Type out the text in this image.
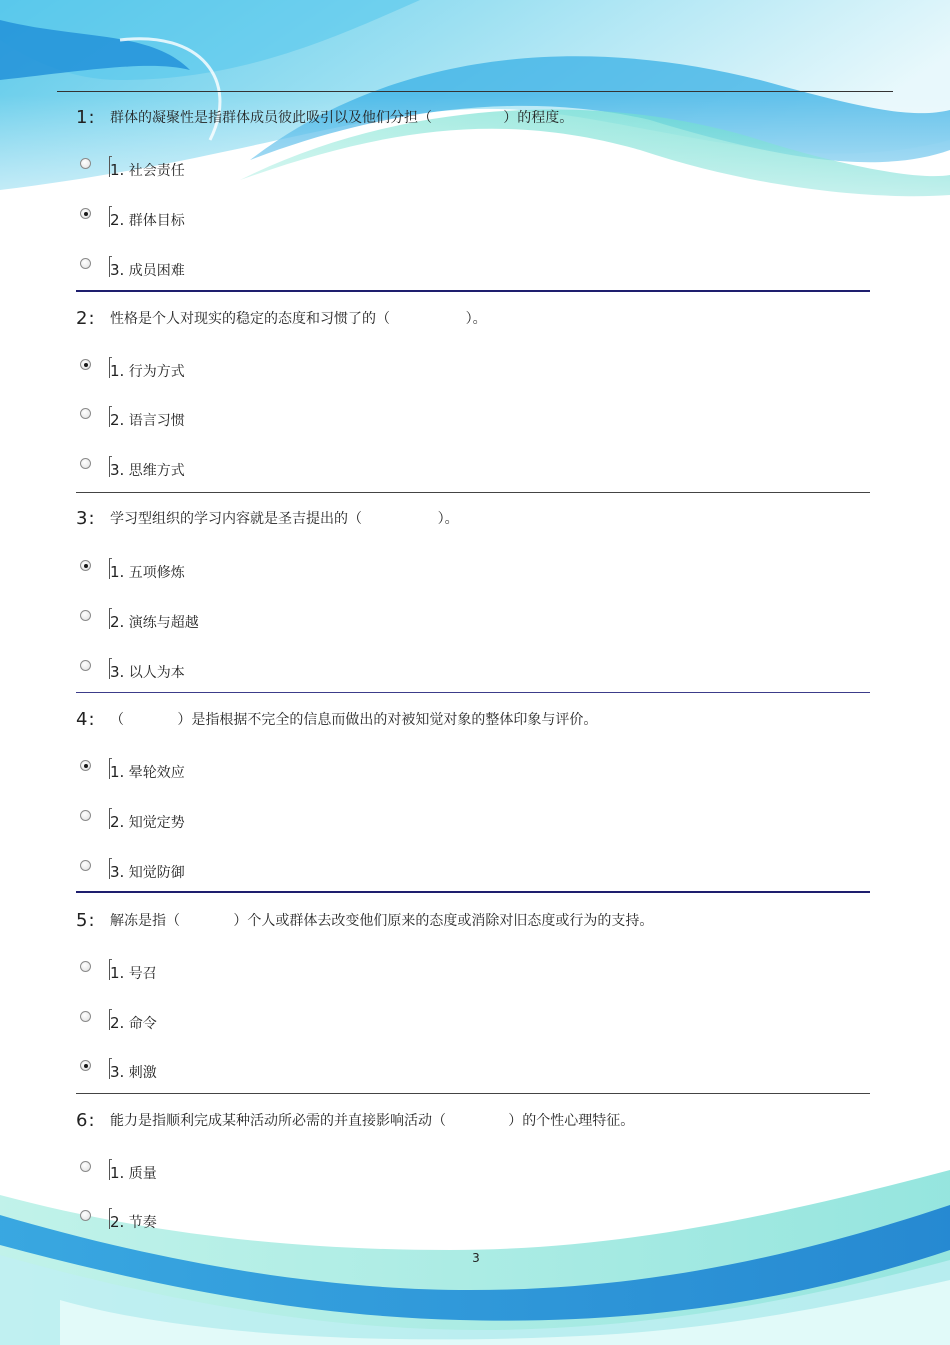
1:	群体的凝聚性是指群体成员彼此吸引以及他们分担（                ）的程度。
1. 社会责任
2. 群体目标
3. 成员困难
2:	性格是个人对现实的稳定的态度和习惯了的（                 ）。
1. 行为方式
2. 语言习惯
3. 思维方式
3:	学习型组织的学习内容就是圣吉提出的（                 ）。
1. 五项修炼
2. 演练与超越
3. 以人为本
4:	（            ）是指根据不完全的信息而做出的对被知觉对象的整体印象与评价。
1. 晕轮效应
2. 知觉定势
3. 知觉防御
5:	解冻是指（            ）个人或群体去改变他们原来的态度或消除对旧态度或行为的支持。
1. 号召
2. 命令
3. 刺激
6:	能力是指顺利完成某种活动所必需的并直接影响活动（              ）的个性心理特征。
1. 质量
2. 节奏
3
